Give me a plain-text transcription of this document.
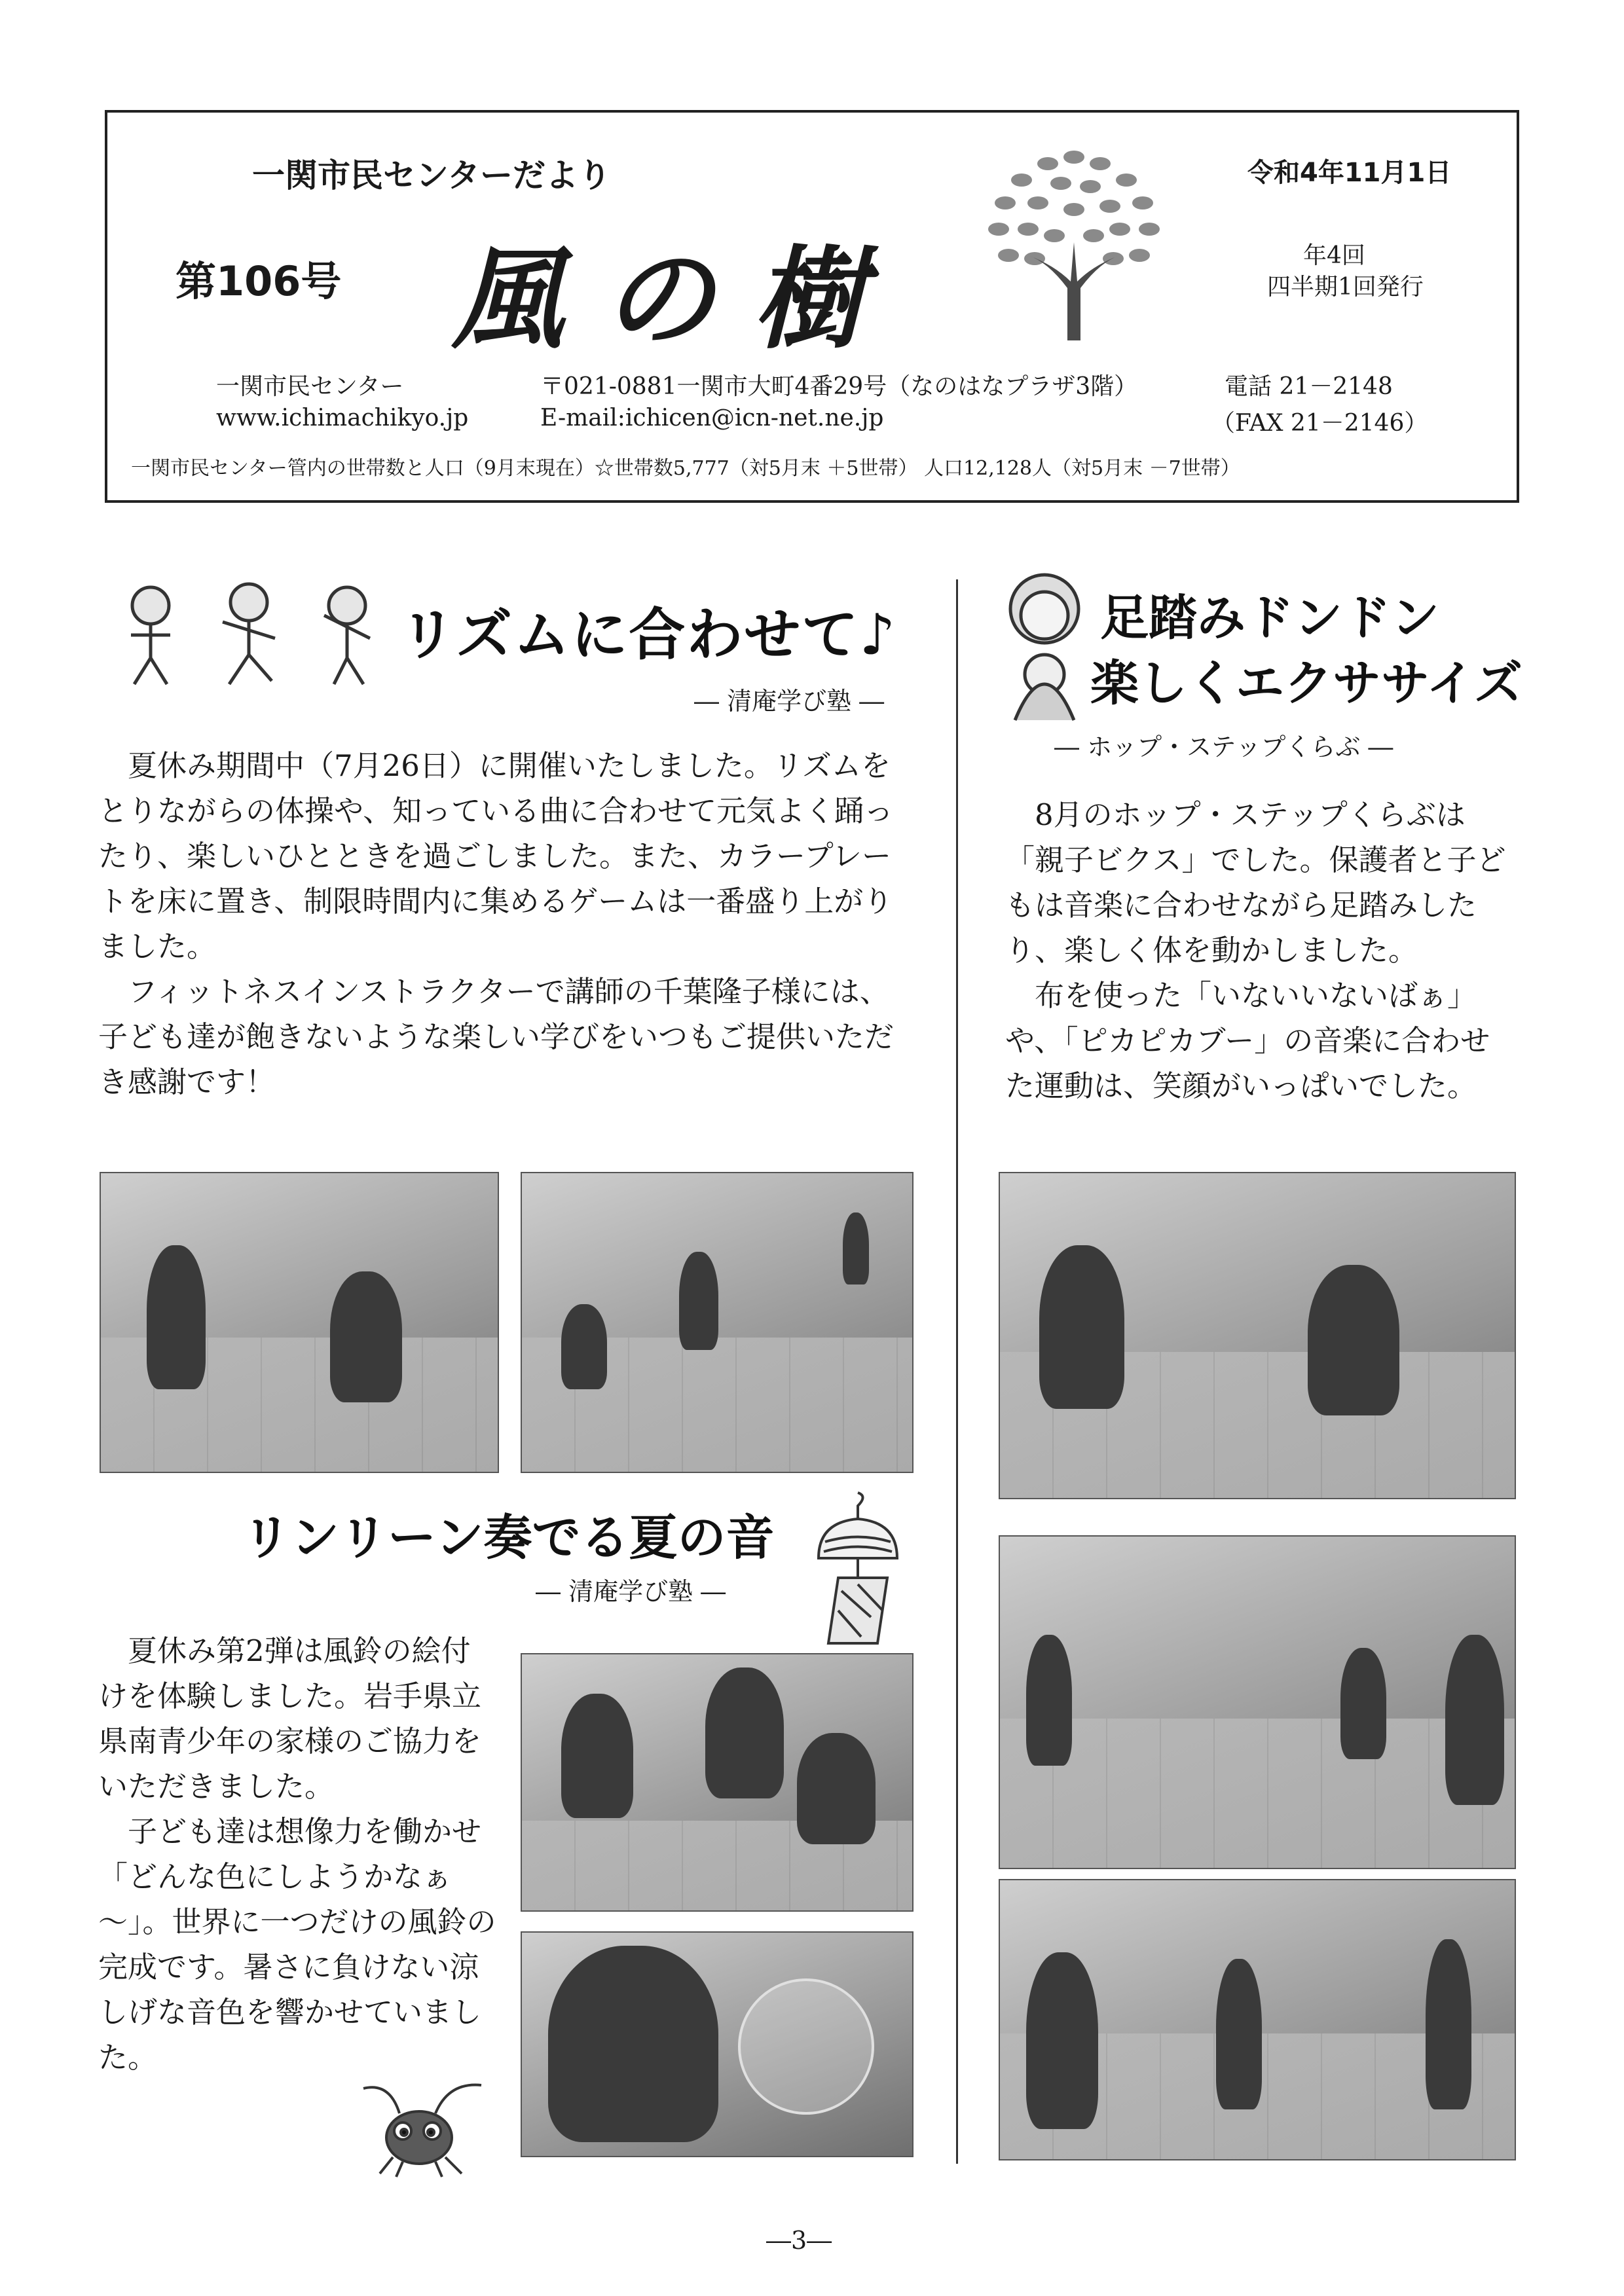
一関市民センターだより
第106号 風の樹
令和4年11月1日
年4回
四半期1回発行
一関市民センター
www.ichimachikyo.jp
〒021-0881一関市大町4番29号（なのはなプラザ3階）
E-mail:ichicen@icn-net.ne.jp
電話 21－2148
（FAX 21－2146）
一関市民センター管内の世帯数と人口（9月末現在）☆世帯数5,777（対5月末 ＋5世帯） 人口12,128人（対5月末 －7世帯）
リズムに合わせて♪
― 清庵学び塾 ―

夏休み期間中（7月26日）に開催いたしました。リズムをとりながらの体操や、知っている曲に合わせて元気よく踊ったり、楽しいひとときを過ごしました。また、カラープレートを床に置き、制限時間内に集めるゲームは一番盛り上がりました。

フィットネスインストラクターで講師の千葉隆子様には、子ども達が飽きないような楽しい学びをいつもご提供いただき感謝です！

足踏みドンドン
楽しくエクササイズ
― ホップ・ステップくらぶ ―

8月のホップ・ステップくらぶは「親子ビクス」でした。保護者と子どもは音楽に合わせながら足踏みしたり、楽しく体を動かしました。

布を使った「いないいないばぁ」や、「ピカピカブー」の音楽に合わせた運動は、笑顔がいっぱいでした。

リンリーン奏でる夏の音
― 清庵学び塾 ―

夏休み第2弾は風鈴の絵付けを体験しました。岩手県立県南青少年の家様のご協力をいただきました。

子ども達は想像力を働かせ「どんな色にしようかなぁ～」。世界に一つだけの風鈴の完成です。暑さに負けない涼しげな音色を響かせていました。

―3―
